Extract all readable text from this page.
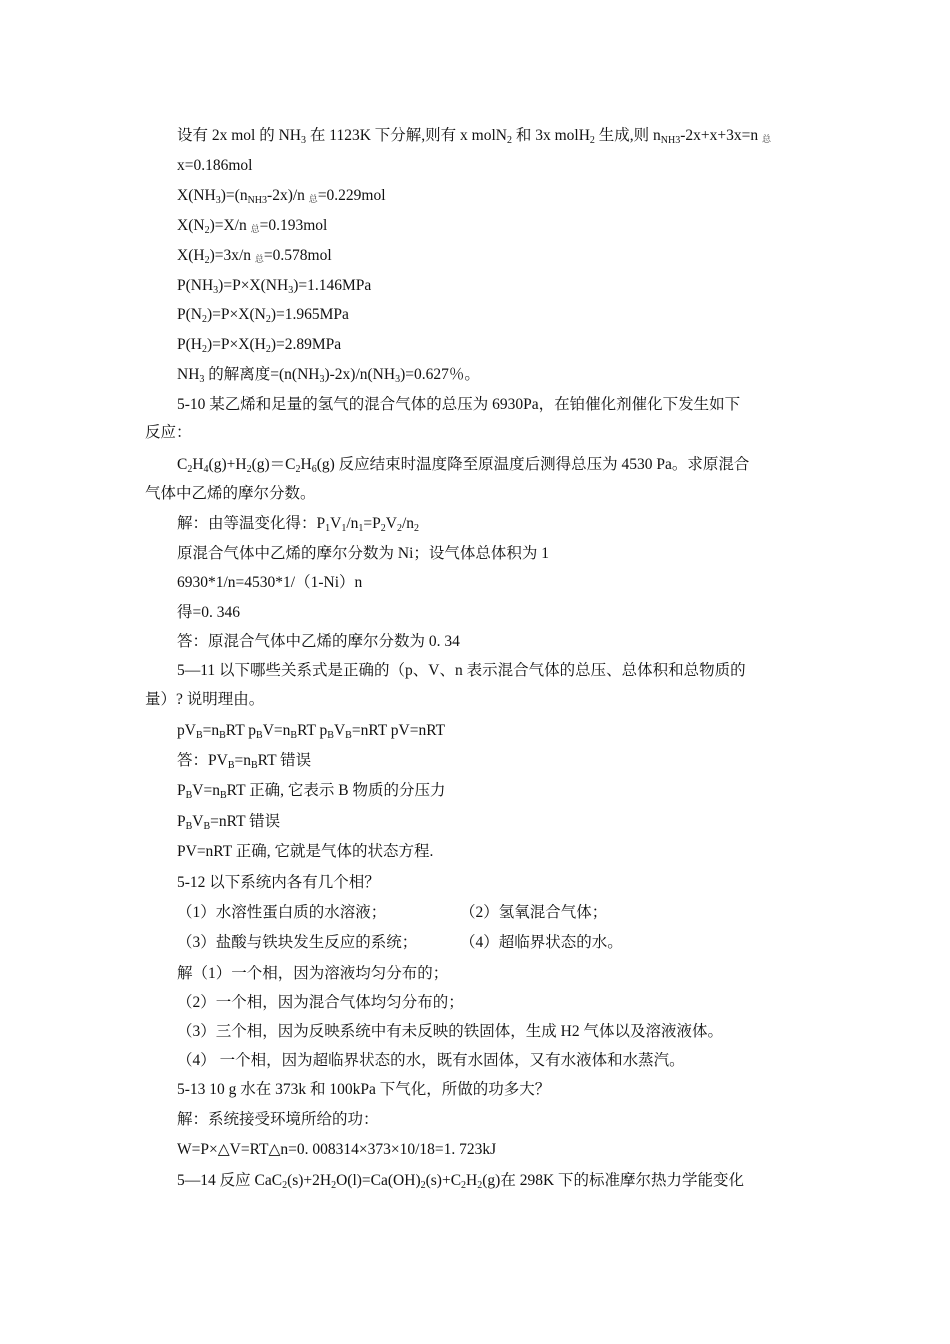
设有 2x mol 的 NH3 在 1123K 下分解,则有 x molN2 和 3x molH2 生成,则 nNH3-2x+x+3x=n 总
x=0.186mol
X(NH3)=(nNH3-2x)/n 总=0.229mol
X(N2)=X/n 总=0.193mol
X(H2)=3x/n 总=0.578mol
P(NH3)=P×X(NH3)=1.146MPa
P(N2)=P×X(N2)=1.965MPa
P(H2)=P×X(H2)=2.89MPa
NH3 的解离度=(n(NH3)-2x)/n(NH3)=0.627％。
5-10 某乙烯和足量的氢气的混合气体的总压为 6930Pa，在铂催化剂催化下发生如下
反应：
C2H4(g)+H2(g)＝C2H6(g) 反应结束时温度降至原温度后测得总压为 4530 Pa。求原混合
气体中乙烯的摩尔分数。
解：由等温变化得：P1V1/n1=P2V2/n2
原混合气体中乙烯的摩尔分数为 Ni；设气体总体积为 1
6930*1/n=4530*1/（1-Ni）n
得=0. 346
答：原混合气体中乙烯的摩尔分数为 0. 34
5—11 以下哪些关系式是正确的（p、V、n 表示混合气体的总压、总体积和总物质的
量）? 说明理由。
pVB=nBRT pBV=nBRT pBVB=nRT pV=nRT
答：PVB=nBRT 错误
PBV=nBRT 正确, 它表示 B 物质的分压力
PBVB=nRT 错误
PV=nRT 正确, 它就是气体的状态方程.
5-12 以下系统内各有几个相？
（1）水溶性蛋白质的水溶液；	（2）氢氧混合气体；
（3）盐酸与铁块发生反应的系统；	（4）超临界状态的水。
解（1）一个相，因为溶液均匀分布的；
（2）一个相，因为混合气体均匀分布的；
（3）三个相，因为反映系统中有未反映的铁固体，生成 H2 气体以及溶液液体。
（4） 一个相，因为超临界状态的水，既有水固体，又有水液体和水蒸汽。
5-13 10 g 水在 373k 和 100kPa 下气化，所做的功多大？
解：系统接受环境所给的功：
W=P×△V=RT△n=0. 008314×373×10/18=1. 723kJ
5—14 反应 CaC2(s)+2H2O(l)=Ca(OH)2(s)+C2H2(g)在 298K 下的标准摩尔热力学能变化
